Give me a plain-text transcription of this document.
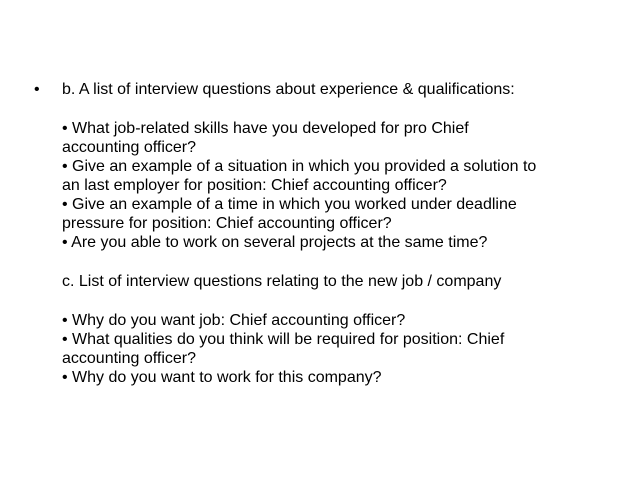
• b. A list of interview questions about experience & qualifications:
• What job-related skills have you developed for pro Chief
accounting officer?
• Give an example of a situation in which you provided a solution to
an last employer for position: Chief accounting officer?
• Give an example of a time in which you worked under deadline
pressure for position: Chief accounting officer?
• Are you able to work on several projects at the same time?
c. List of interview questions relating to the new job / company
• Why do you want job: Chief accounting officer?
• What qualities do you think will be required for position: Chief
accounting officer?
• Why do you want to work for this company?
